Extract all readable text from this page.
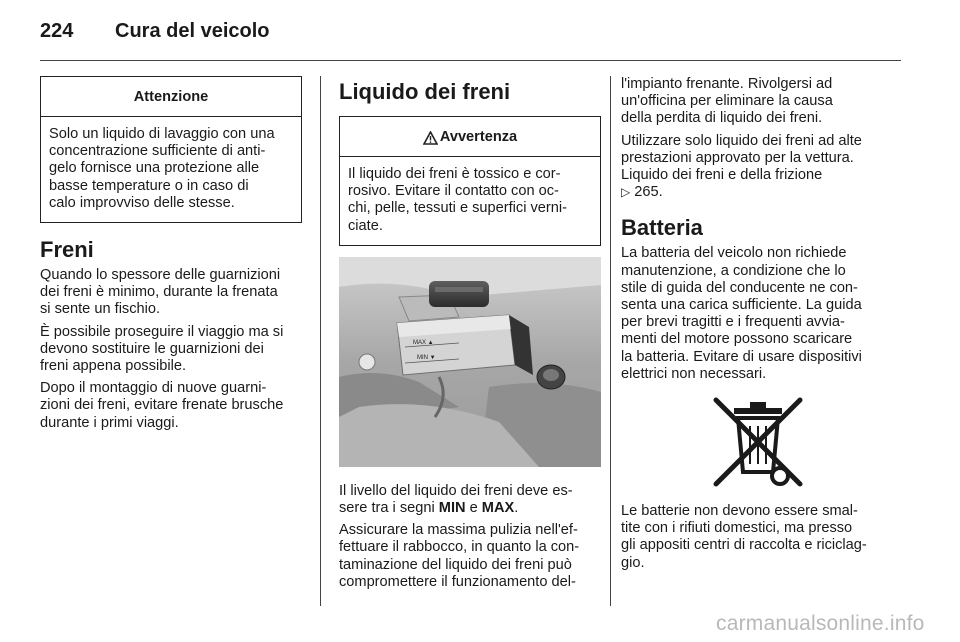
224 Cura del veicolo
Attenzione
Solo un liquido di lavaggio con una
concentrazione sufficiente di anti-
gelo fornisce una protezione alle
basse temperature o in caso di
calo improvviso delle stesse.
Freni
Quando lo spessore delle guarnizioni
dei freni è minimo, durante la frenata
si sente un fischio.
È possibile proseguire il viaggio ma si
devono sostituire le guarnizioni dei
freni appena possibile.
Dopo il montaggio di nuove guarni-
zioni dei freni, evitare frenate brusche
durante i primi viaggi.
Liquido dei freni
Avvertenza
Il liquido dei freni è tossico e cor-
rosivo. Evitare il contatto con oc-
chi, pelle, tessuti e superfici verni-
ciate.
MAX ▲
MIN ▼
Il livello del liquido dei freni deve es-
sere tra i segni MIN e MAX.
Assicurare la massima pulizia nell'ef-
fettuare il rabbocco, in quanto la con-
taminazione del liquido dei freni può
compromettere il funzionamento del-
l'impianto frenante. Rivolgersi ad
un'officina per eliminare la causa
della perdita di liquido dei freni.
Utilizzare solo liquido dei freni ad alte
prestazioni approvato per la vettura.
Liquido dei freni e della frizione
▷ 265.
Batteria
La batteria del veicolo non richiede
manutenzione, a condizione che lo
stile di guida del conducente ne con-
senta una carica sufficiente. La guida
per brevi tragitti e i frequenti avvia-
menti del motore possono scaricare
la batteria. Evitare di usare dispositivi
elettrici non necessari.
Le batterie non devono essere smal-
tite con i rifiuti domestici, ma presso
gli appositi centri di raccolta e riciclag-
gio.
carmanualsonline.info
